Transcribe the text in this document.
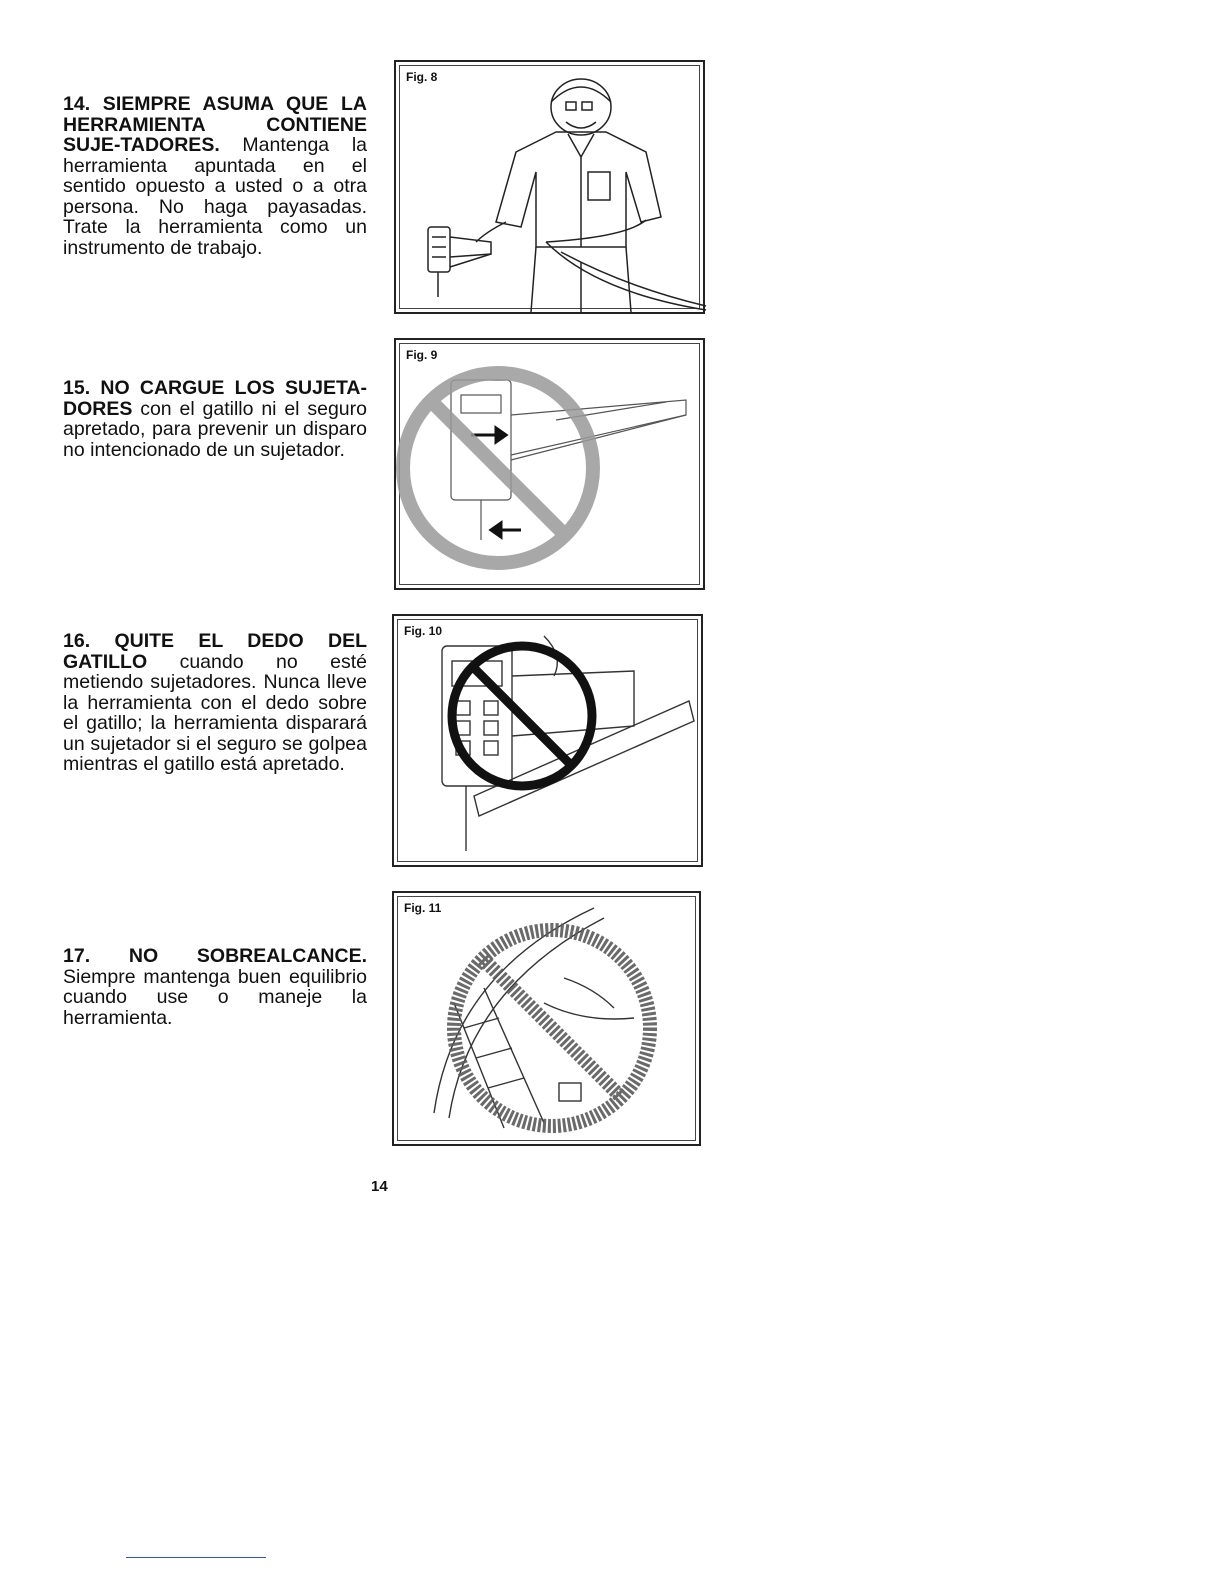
14. SIEMPRE ASUMA QUE LA HERRAMIENTA CONTIENE SUJE-TADORES. Mantenga la herramienta apuntada en el sentido opuesto a usted o a otra persona. No haga payasadas. Trate la herramienta como un instrumento de trabajo.
15. NO CARGUE LOS SUJETA-DORES con el gatillo ni el seguro apretado, para prevenir un disparo no intencionado de un sujetador.
16. QUITE EL DEDO DEL GATILLO cuando no esté metiendo sujetadores. Nunca lleve la herramienta con el dedo sobre el gatillo; la herramienta disparará un sujetador si el seguro se golpea mientras el gatillo está apretado.
17. NO SOBREALCANCE. Siempre mantenga buen equilibrio cuando use o maneje la herramienta.
Fig. 8
Fig. 9
Fig. 10
Fig. 11
14
